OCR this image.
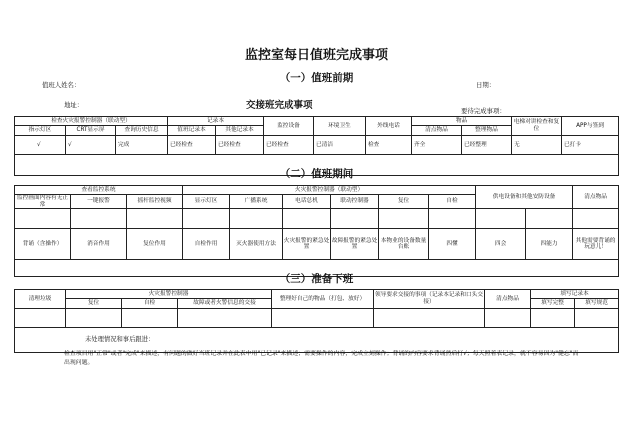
监控室每日值班完成事项
（一）值班前期
值班人姓名：	日期：
地址：	交接班完成事项	要待完成事项：
检查火灾报警控制器（联动型）			记录本		监控设备	环境卫生	外线电话	物品		电梯对讲检查和复位	APP与签到
指示灯区	CRT显示屏	查询历史信息	值班记录本	其他记录本				清点物品	整理物品		
√	√	完成	已经检查	已经检查	已经检查	已清洁	检查	齐全	已经整理	无	已打卡

（二）值班期间
查看监控系统			火灾报警控制器（联动型）						供电设备和其他安防设备		清点物品
监控画面内容有无正常	一键报警	摇杆监控视频	显示灯区	广播系统	电话总机	联动控制器	复位	自检			

背诵（含操作）	消音作用	复位作用	自检作用	灭火器使用方法	火灾报警的紧急处置	故障报警的紧急处置	本物业的设备数量台账	四懂	四会	四能力	其他需要背诵的玩意儿！

（三）准备下班
清理垃圾	火灾报警控制器			整理好自己的物品（打包、放好）	领导要求交接的事项（记录本记录和口头交接）	清点物品	填写记录本	
	复位	自检	故障或者火警信息的交接				填写完整	填写规范

未处理情况和事后跟进：								
检查项目用"正常"或者"完成"来描述，有问题的做好当班记录并在此表中用"已记录"来描述；需要操作的内容，完成立刻操作；背诵的内容要求背诵然后打√；每天照着表记录，就不容易因为"健忘"而出现问题。
